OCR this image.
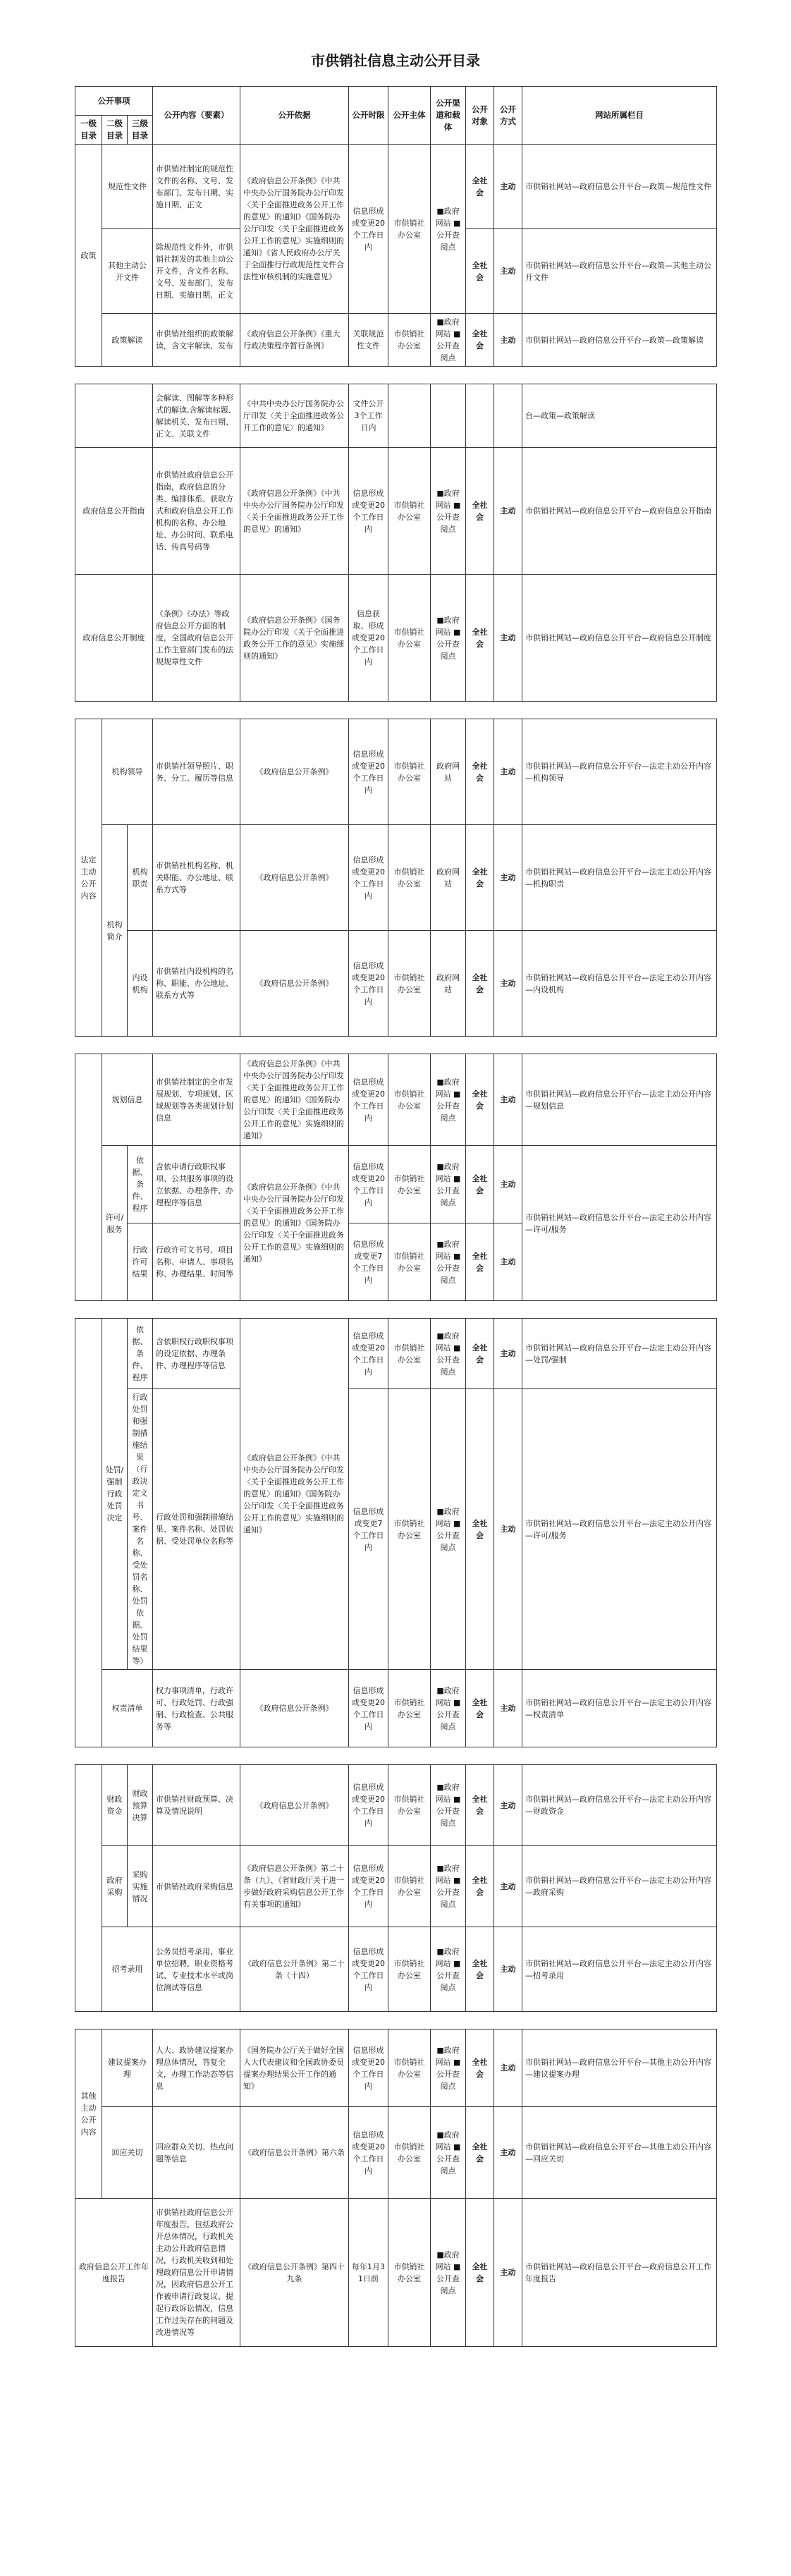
市供销社信息主动公开目录
公开事项			公开内容（要素）	公开依据	公开时限	公开主体	公开渠道和载体	公开对象	公开方式	网站所属栏目
一级目录	二级目录	三级目录								
政策	规范性文件		市供销社制定的规范性文件的名称、文号、发布部门、发布日期、实施日期、正文	《政府信息公开条例》《中共中央办公厅国务院办公厅印发〈关于全面推进政务公开工作的意见〉的通知》《国务院办公厅印发〈关于全面推进政务公开工作的意见〉实施细则的通知》《省人民政府办公厅关于全面推行行政规范性文件合法性审核机制的实施意见》	信息形成或变更20个工作日内	市供销社办公室	■政府网站 ■公开查阅点	全社会	主动	市供销社网站—政府信息公开平台—政策—规范性文件
	其他主动公开文件		除规范性文件外，市供销社制发的其他主动公开文件，含文件名称、文号、发布部门、发布日期、实施日期、正文					全社会	主动	市供销社网站—政府信息公开平台—政策—其他主动公开文件
	政策解读		市供销社组织的政策解读，含文字解读、发布	《政府信息公开条例》《重大行政决策程序暂行条例》	关联规范性文件	市供销社办公室	■政府网站 ■公开查阅点	全社会	主动	市供销社网站—政府信息公开平台—政策—政策解读

			会解读、图解等多种形式的解读,含解读标题、解读机关、发布日期、正文、关联文件	《中共中央办公厅国务院办公厅印发〈关于全面推进政务公开工作的意见〉的通知》	文件公开3个工作日内					台—政策—政策解读
政府信息公开指南			市供销社政府信息公开指南，政府信息的分类、编排体系、获取方式和政府信息公开工作机构的名称、办公地址、办公时间、联系电话、传真号码等	《政府信息公开条例》《中共中央办公厅国务院办公厅印发〈关于全面推进政务公开工作的意见〉的通知》	信息形成或变更20个工作日内	市供销社办公室	■政府网站 ■公开查阅点	全社会	主动	市供销社网站—政府信息公开平台—政府信息公开指南
政府信息公开制度			《条例》《办法》等政府信息公开方面的制度，全国政府信息公开工作主管部门发布的法规规章性文件	《政府信息公开条例》《国务院办公厅印发〈关于全面推进政务公开工作的意见〉实施细则的通知》	信息获取、形成或变更20个工作日内	市供销社办公室	■政府网站 ■公开查阅点	全社会	主动	市供销社网站—政府信息公开平台—政府信息公开制度

法定主动公开内容	机构领导		市供销社领导照片、职务、分工、履历等信息	《政府信息公开条例》	信息形成或变更20个工作日内	市供销社办公室	政府网站	全社会	主动	市供销社网站—政府信息公开平台—法定主动公开内容—机构领导
	机构简介	机构职责	市供销社机构名称、机关职能、办公地址、联系方式等	《政府信息公开条例》	信息形成或变更20个工作日内	市供销社办公室	政府网站	全社会	主动	市供销社网站—政府信息公开平台—法定主动公开内容—机构职责
		内设机构	市供销社内设机构的名称、职能、办公地址、联系方式等	《政府信息公开条例》	信息形成或变更20个工作日内	市供销社办公室	政府网站	全社会	主动	市供销社网站—政府信息公开平台—法定主动公开内容—内设机构

	规划信息		市供销社制定的全市发展规划、专项规划、区域规划等各类规划计划信息	《政府信息公开条例》《中共中央办公厅国务院办公厅印发〈关于全面推进政务公开工作的意见〉的通知》《国务院办公厅印发〈关于全面推进政务公开工作的意见〉实施细则的通知》	信息形成或变更20个工作日内	市供销社办公室	■政府网站 ■公开查阅点	全社会	主动	市供销社网站—政府信息公开平台—法定主动公开内容—规划信息
	许可/服务	依据、条件、程序	含依申请行政职权事项、公共服务事项的设立依据、办理条件、办理程序等信息	《政府信息公开条例》《中共中央办公厅国务院办公厅印发〈关于全面推进政务公开工作的意见〉的通知》《国务院办公厅印发〈关于全面推进政务公开工作的意见〉实施细则的通知》	信息形成或变更20个工作日内	市供销社办公室	■政府网站 ■公开查阅点	全社会	主动	市供销社网站—政府信息公开平台—法定主动公开内容—许可/服务
		行政许可结果	行政许可文书号、项目名称、申请人、事项名称、办理结果、时间等		信息形成或变更7个工作日内	市供销社办公室	■政府网站 ■公开查阅点	全社会	主动	

	处罚/强制行政处罚决定	依据、条件、程序	含依职权行政职权事项的设定依据、办理条件、办理程序等信息	《政府信息公开条例》《中共中央办公厅国务院办公厅印发〈关于全面推进政务公开工作的意见〉的通知》《国务院办公厅印发〈关于全面推进政务公开工作的意见〉实施细则的通知》	信息形成或变更20个工作日内	市供销社办公室	■政府网站 ■公开查阅点	全社会	主动	市供销社网站—政府信息公开平台—法定主动公开内容—处罚/强制
		行政处罚和强制措施结果（行政决定文书号、案件名称、受处罚名称、处罚依据、处罚结果等）	行政处罚和强制措施结果、案件名称、处罚依据、受处罚单位名称等		信息形成或变更7个工作日内	市供销社办公室	■政府网站 ■公开查阅点	全社会	主动	市供销社网站—政府信息公开平台—法定主动公开内容—许可/服务
	权责清单		权力事项清单，行政许可、行政处罚、行政强制、行政检查、公共服务等	《政府信息公开条例》	信息形成或变更20个工作日内	市供销社办公室	■政府网站 ■公开查阅点	全社会	主动	市供销社网站—政府信息公开平台—法定主动公开内容—权责清单

	财政资金	财政预算决算	市供销社财政预算、决算及情况说明	《政府信息公开条例》	信息形成或变更20个工作日内	市供销社办公室	■政府网站 ■公开查阅点	全社会	主动	市供销社网站—政府信息公开平台—法定主动公开内容—财政资金
	政府采购	采购实施情况	市供销社政府采购信息	《政府信息公开条例》第二十条（九）、《省财政厅关于进一步做好政府采购信息公开工作有关事项的通知》	信息形成或变更20个工作日内	市供销社办公室	■政府网站 ■公开查阅点	全社会	主动	市供销社网站—政府信息公开平台—法定主动公开内容—政府采购
	招考录用		公务员招考录用，事业单位招聘，职业资格考试、专业技术水平或岗位测试等信息	《政府信息公开条例》第二十条（十四）	信息形成或变更20个工作日内	市供销社办公室	■政府网站 ■公开查阅点	全社会	主动	市供销社网站—政府信息公开平台—法定主动公开内容—招考录用

其他主动公开内容	建议提案办理		人大、政协建议提案办理总体情况，答复全文，办理工作动态等信息	《国务院办公厅关于做好全国人大代表建议和全国政协委员提案办理结果公开工作的通知》	信息形成或变更20个工作日内	市供销社办公室	■政府网站 ■公开查阅点	全社会	主动	市供销社网站—政府信息公开平台—其他主动公开内容—建议提案办理
	回应关切		回应群众关切、热点问题等信息	《政府信息公开条例》第六条	信息形成或变更20个工作日内	市供销社办公室	■政府网站 ■公开查阅点	全社会	主动	市供销社网站—政府信息公开平台—其他主动公开内容—回应关切
政府信息公开工作年度报告			市供销社政府信息公开年度报告，包括政府公开总体情况，行政机关主动公开政府信息情况，行政机关收到和处理政府信息公开申请情况，因政府信息公开工作被申请行政复议、提起行政诉讼情况，信息工作过失存在的问题及改进情况等	《政府信息公开条例》第四十九条	每年1月31日前	市供销社办公室	■政府网站 ■公开查阅点	全社会	主动	市供销社网站—政府信息公开平台—政府信息公开工作年度报告
